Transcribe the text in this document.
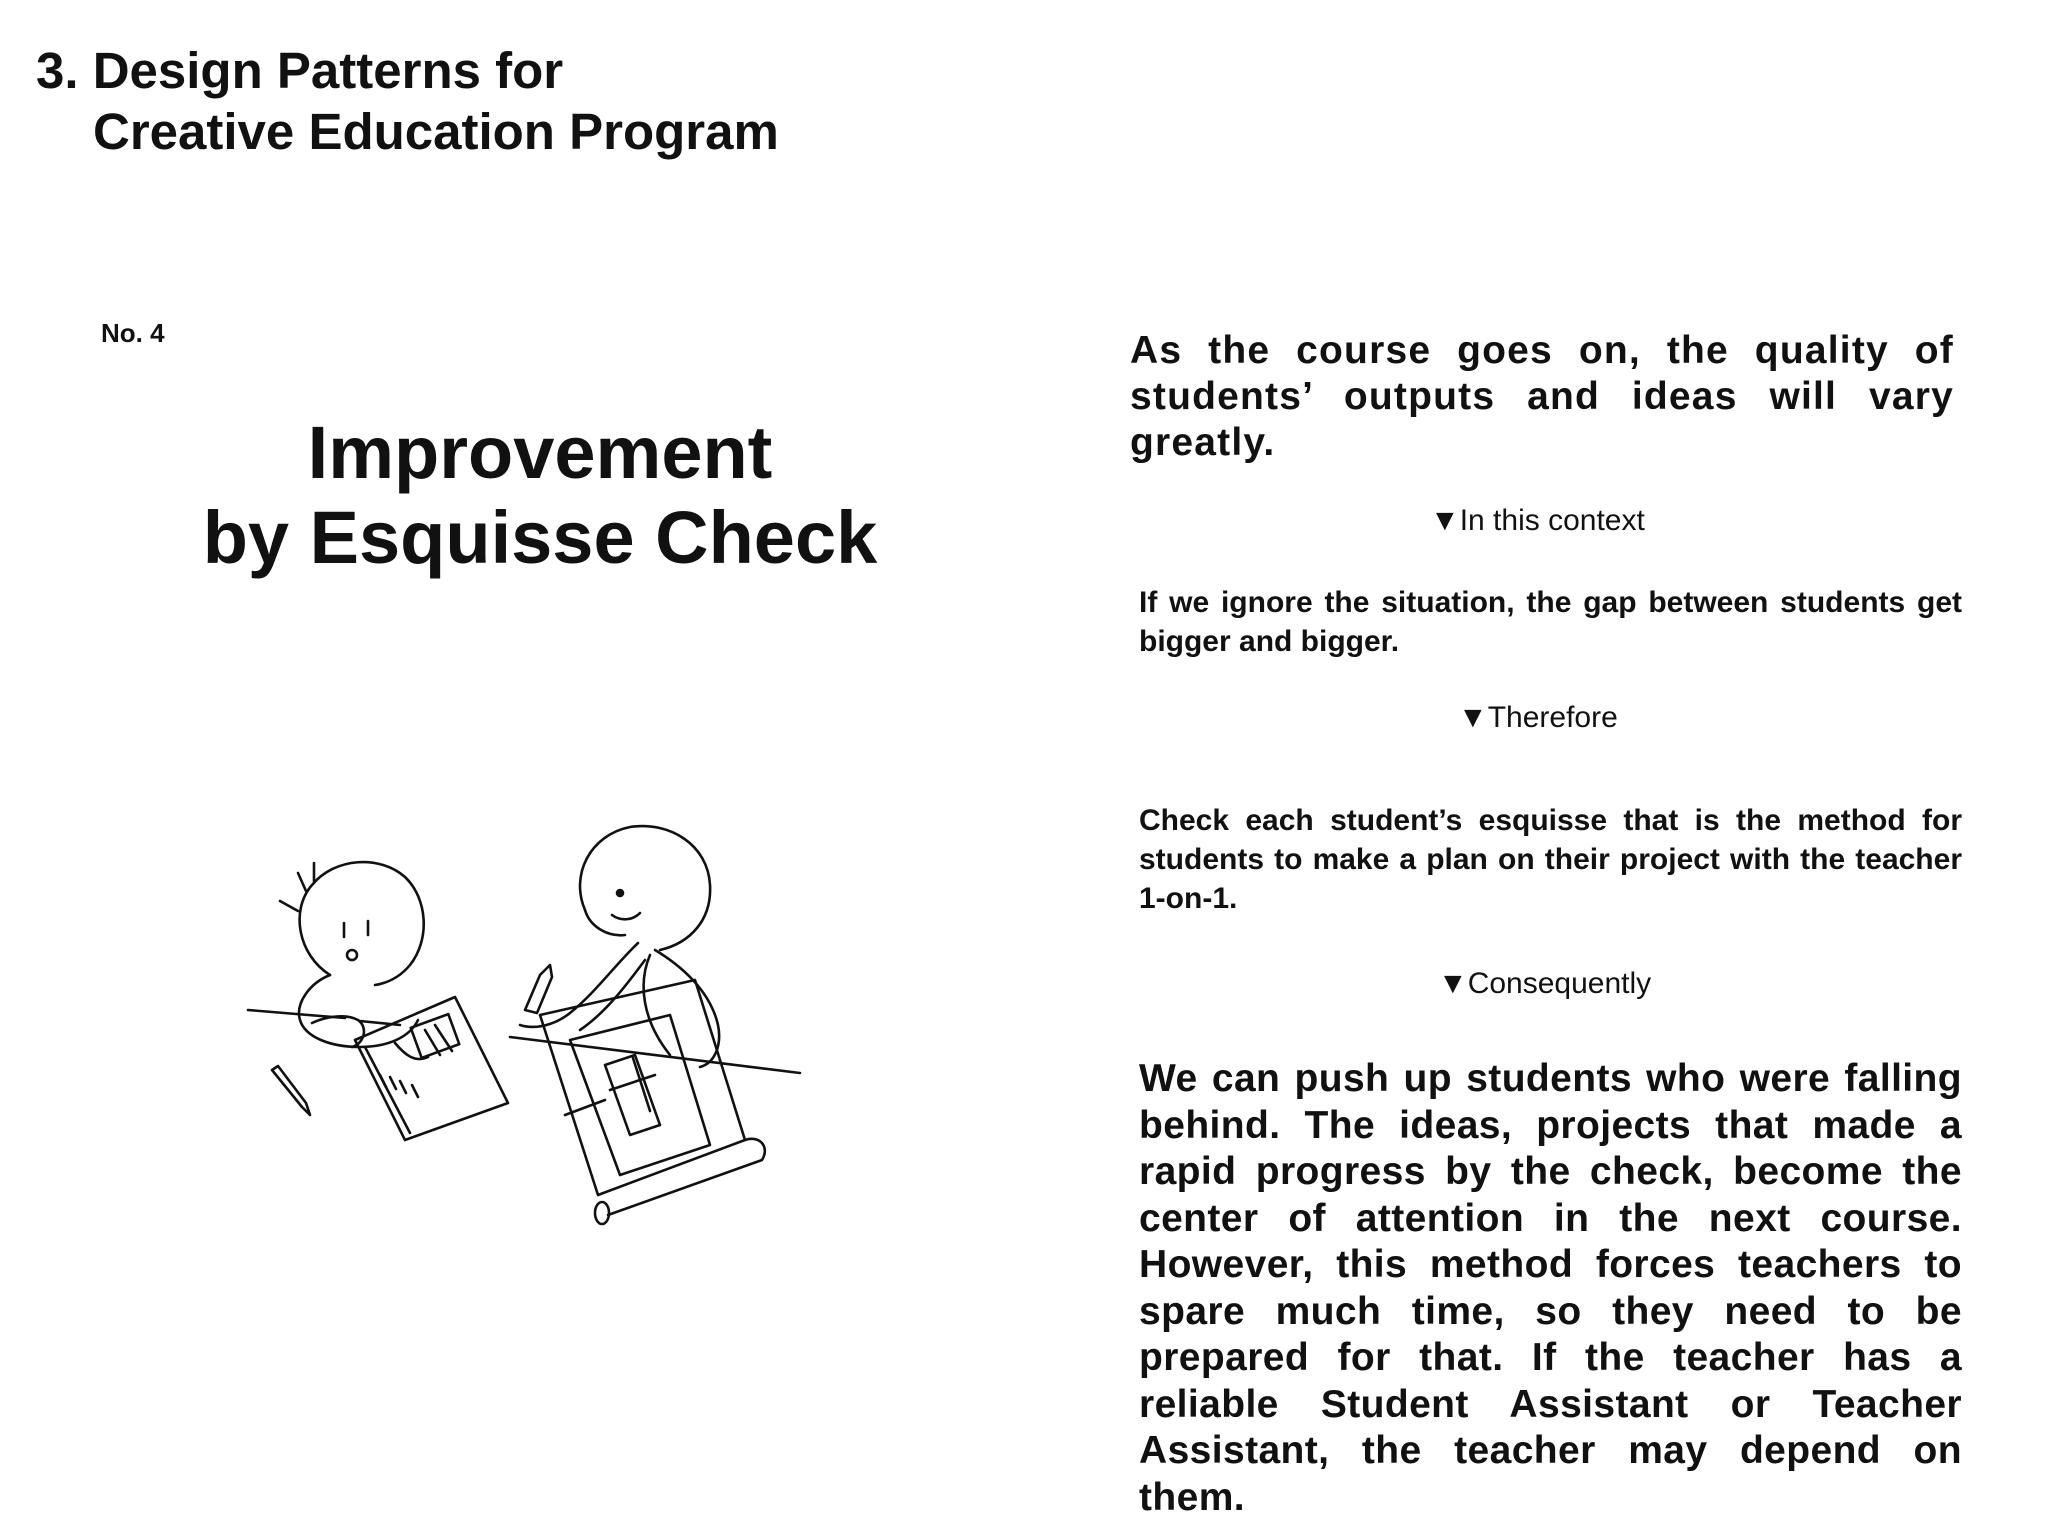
3. Design Patterns for
Creative Education Program
No. 4
Improvement
by Esquisse Check

As the course goes on, the quality of students’ outputs and ideas will vary greatly.

▼In this context

If we ignore the situation, the gap between students get bigger and bigger.

▼Therefore

Check each student’s esquisse that is the method for students to make a plan on their project with the teacher 1-on-1.

▼Consequently

We can push up students who were falling behind. The ideas, projects that made a rapid progress by the check, become the center of attention in the next course. However, this method forces teachers to spare much time, so they need to be prepared for that. If the teacher has a reliable Student Assistant or Teacher Assistant, the teacher may depend on them.
